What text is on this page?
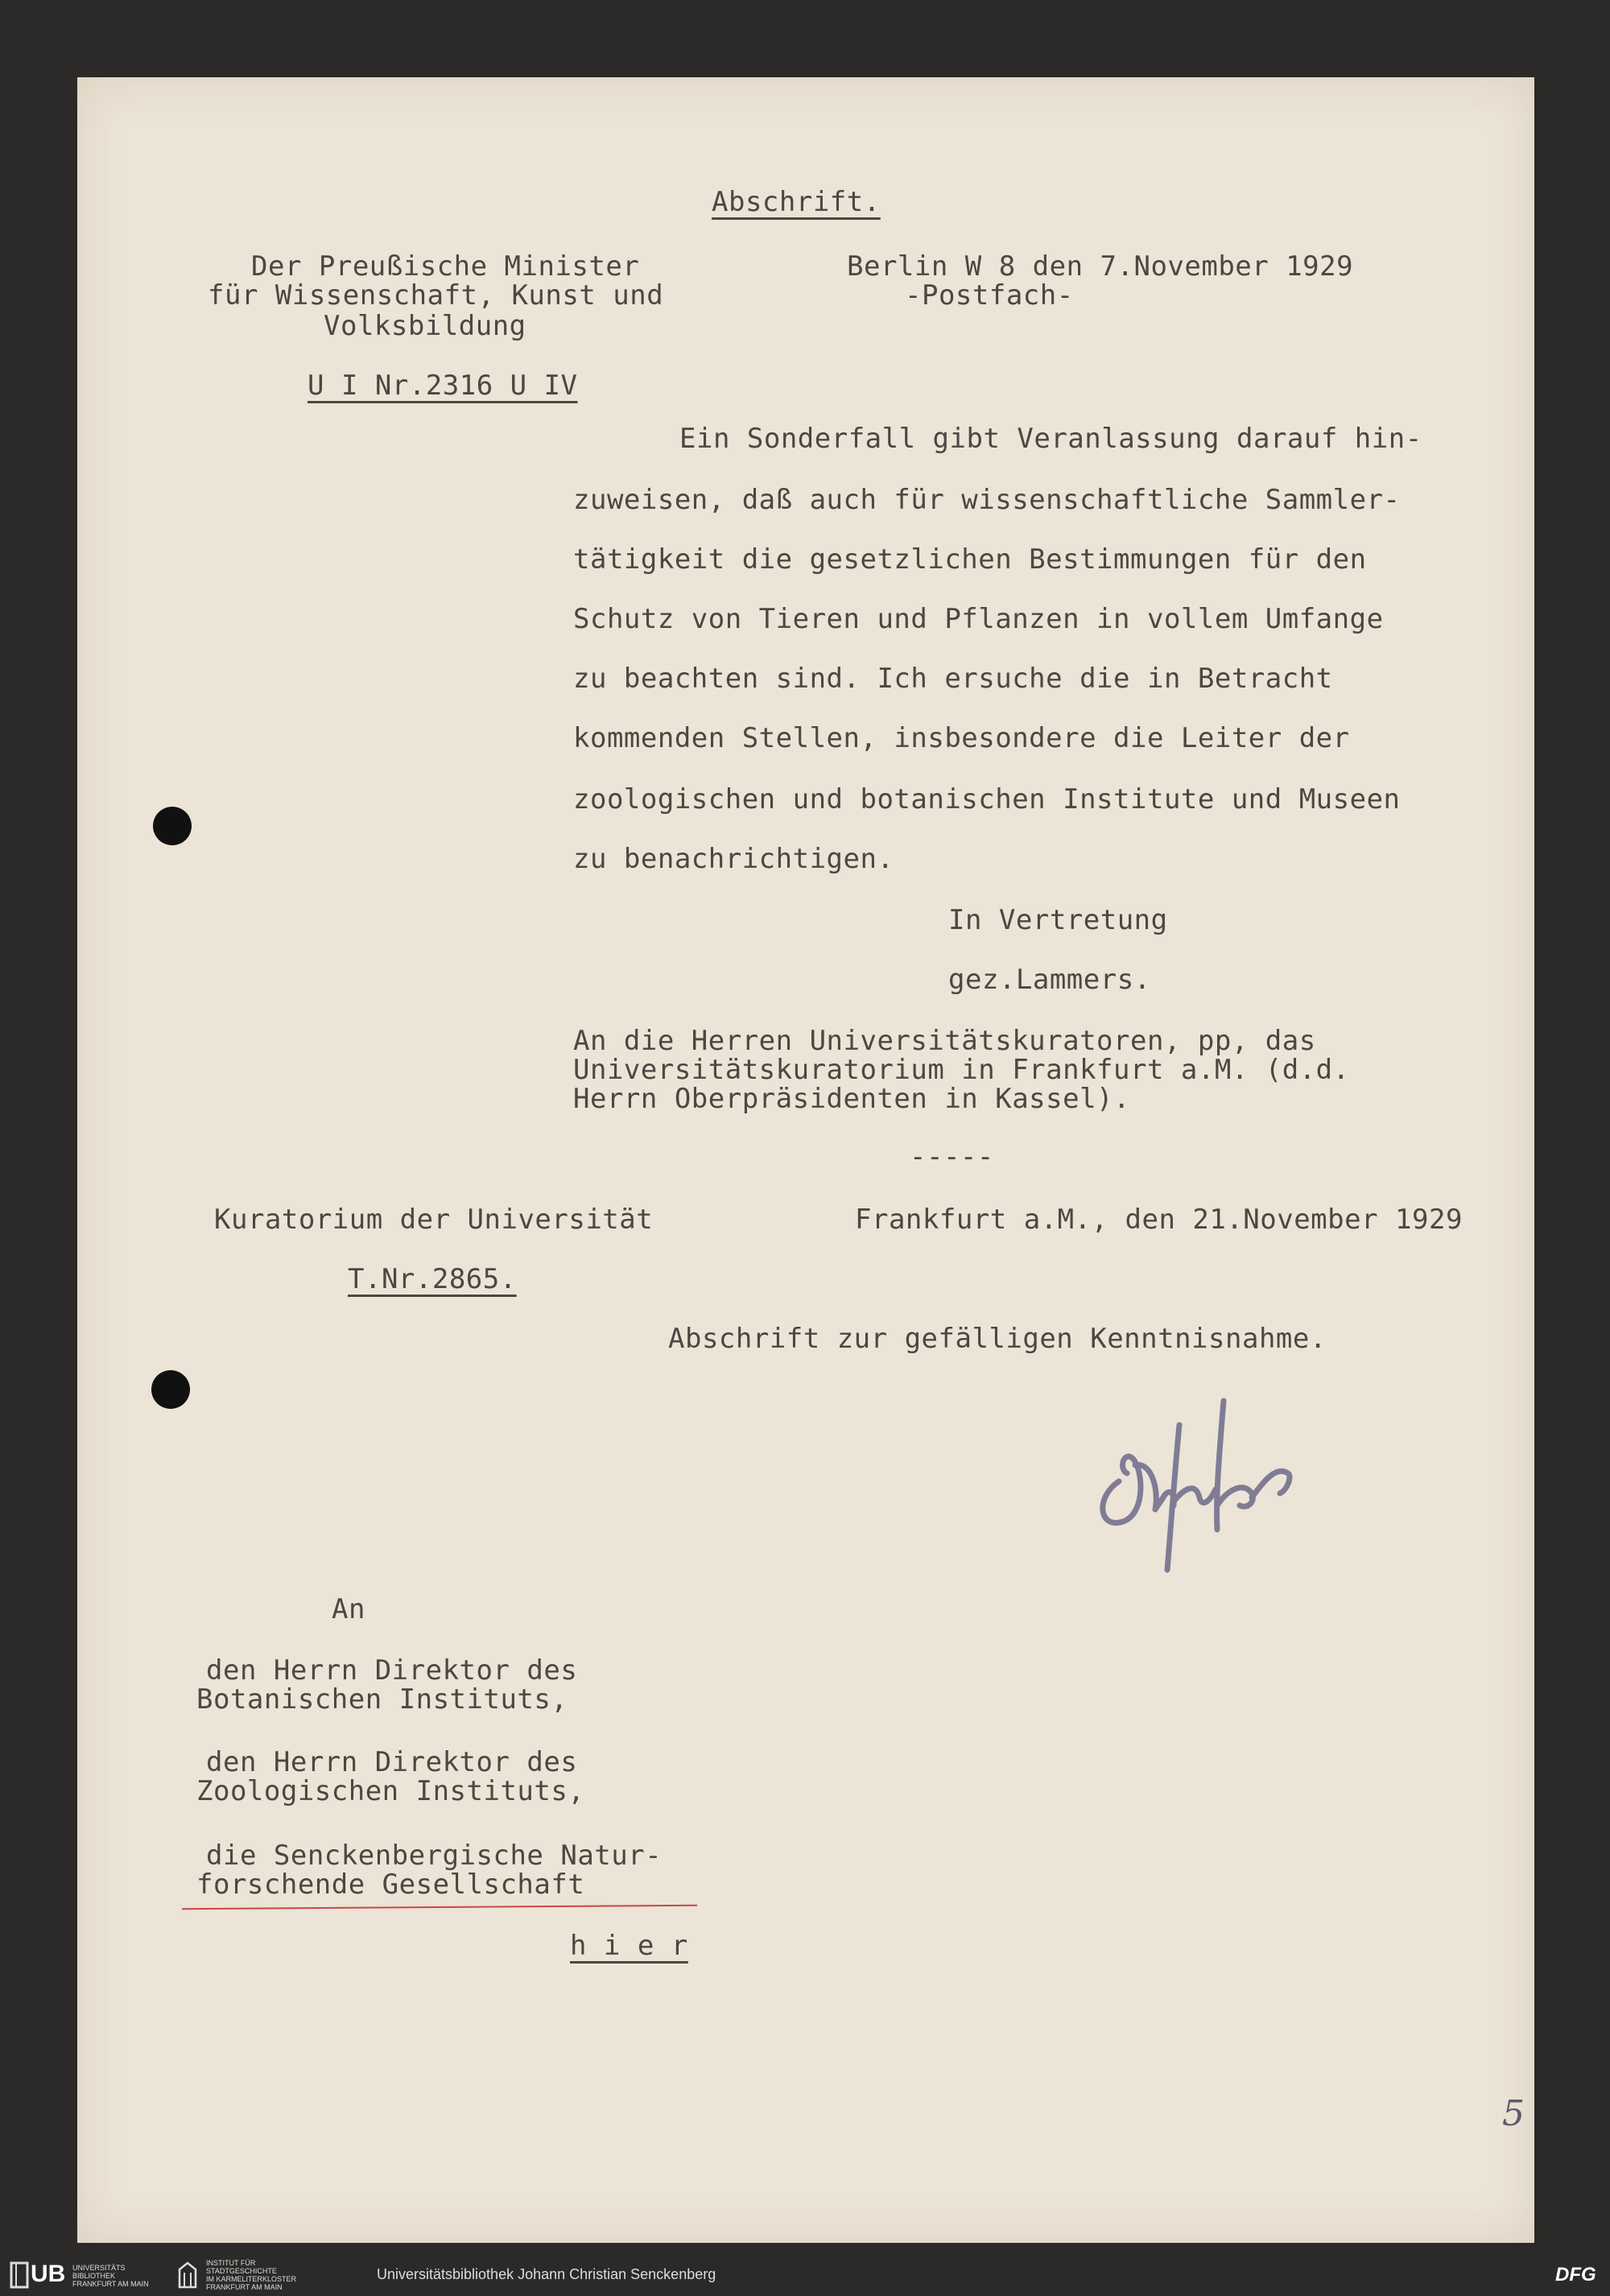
Abschrift.
Der Preußische Minister
für Wissenschaft, Kunst und
Volksbildung
Berlin W 8 den 7.November 1929
-Postfach-
U I Nr.2316 U IV
Ein Sonderfall gibt Veranlassung darauf hin-
zuweisen, daß auch für wissenschaftliche Sammler-
tätigkeit die gesetzlichen Bestimmungen für den
Schutz von Tieren und Pflanzen in vollem Umfange
zu beachten sind. Ich ersuche die in Betracht
kommenden Stellen, insbesondere die Leiter der
zoologischen und botanischen Institute und Museen
zu benachrichtigen.
In Vertretung
gez.Lammers.
An die Herren Universitätskuratoren, pp, das
Universitätskuratorium in Frankfurt a.M. (d.d.
Herrn Oberpräsidenten in Kassel).
-----
Kuratorium der Universität	Frankfurt a.M., den 21.November 1929
T.Nr.2865.
Abschrift zur gefälligen Kenntnisnahme.
An
den Herrn Direktor des
Botanischen Instituts,
den Herrn Direktor des
Zoologischen Instituts,
die Senckenbergische Natur-
forschende Gesellschaft
h i e r
5
UB UNIVERSITÄTS
BIBLIOTHEK
FRANKFURT AM MAIN
INSTITUT FÜR
STADTGESCHICHTE
IM KARMELITERKLOSTER
FRANKFURT AM MAIN
Universitätsbibliothek Johann Christian Senckenberg	DFG
